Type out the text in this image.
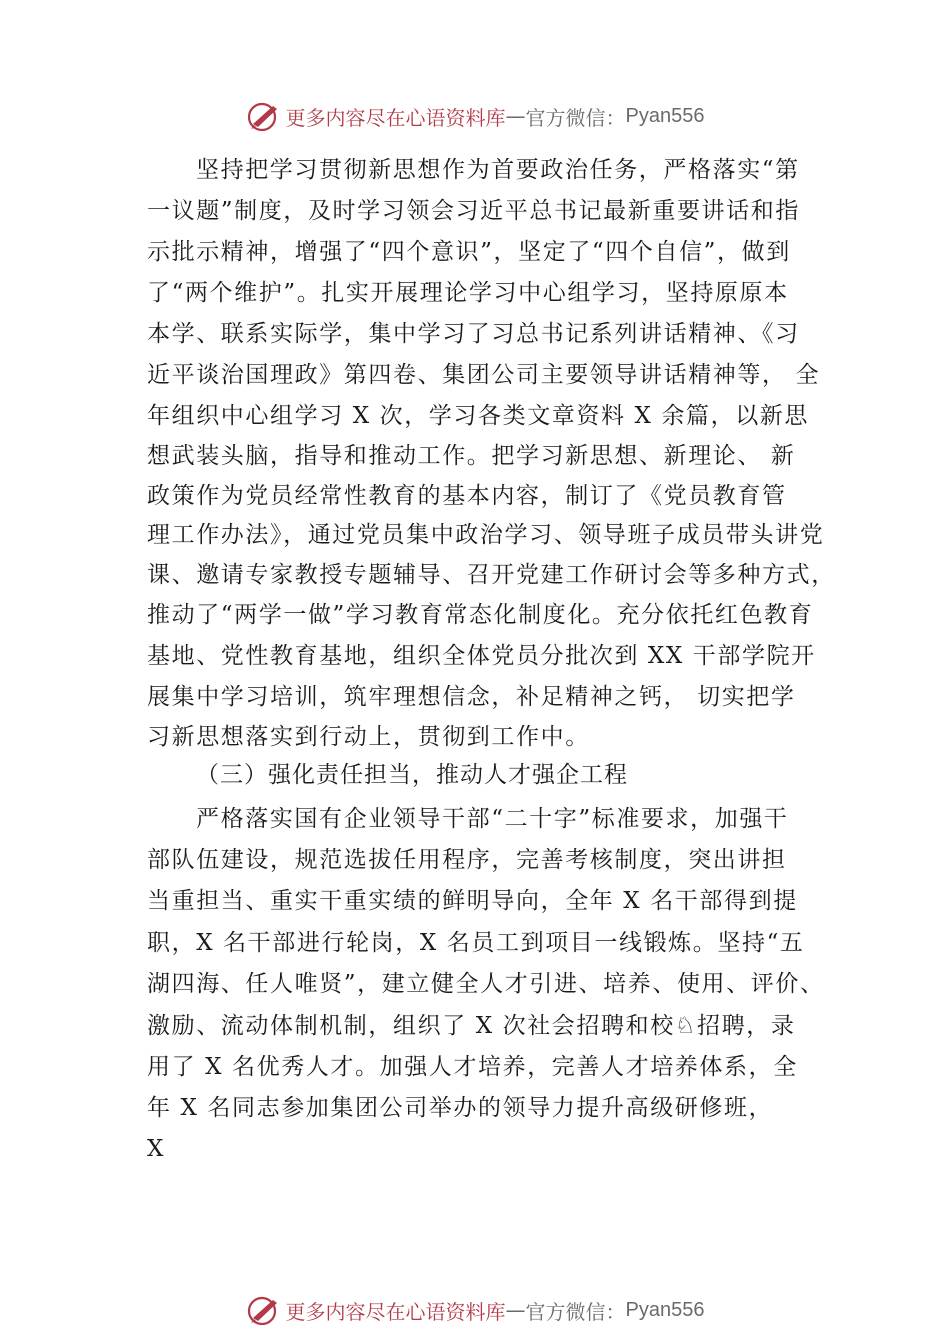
更多内容尽在心语资料库 — 官方微信： Pyan556
坚持把学习贯彻新思想作为首要政治任务，严格落实“第
一议题”制度，及时学习领会习近平总书记最新重要讲话和指
示批示精神，增强了“四个意识”，坚定了“四个自信”，做到
了“两个维护”。扎实开展理论学习中心组学习，坚持原原本
本学、联系实际学，集中学习了习总书记系列讲话精神、《习
近平谈治国理政》第四卷、集团公司主要领导讲话精神等， 全
年组织中心组学习 X 次，学习各类文章资料 X 余篇，以新思
想武装头脑，指导和推动工作。把学习新思想、新理论、 新
政策作为党员经常性教育的基本内容，制订了《党员教育管
理工作办法》，通过党员集中政治学习、领导班子成员带头讲党
课、邀请专家教授专题辅导、召开党建工作研讨会等多种方式，
推动了“两学一做”学习教育常态化制度化。充分依托红色教育
基地、党性教育基地，组织全体党员分批次到 XX 干部学院开
展集中学习培训，筑牢理想信念，补足精神之钙， 切实把学
习新思想落实到行动上，贯彻到工作中。
（三）强化责任担当，推动人才强企工程
严格落实国有企业领导干部“二十字”标准要求，加强干
部队伍建设，规范选拔任用程序，完善考核制度，突出讲担
当重担当、重实干重实绩的鲜明导向，全年 X 名干部得到提
职，X 名干部进行轮岗，X 名员工到项目一线锻炼。坚持“五
湖四海、任人唯贤”，建立健全人才引进、培养、使用、评价、
激励、流动体制机制，组织了 X 次社会招聘和校♘招聘，录
用了 X 名优秀人才。加强人才培养，完善人才培养体系，全
年 X 名同志参加集团公司举办的领导力提升高级研修班，
X
更多内容尽在心语资料库 — 官方微信： Pyan556
